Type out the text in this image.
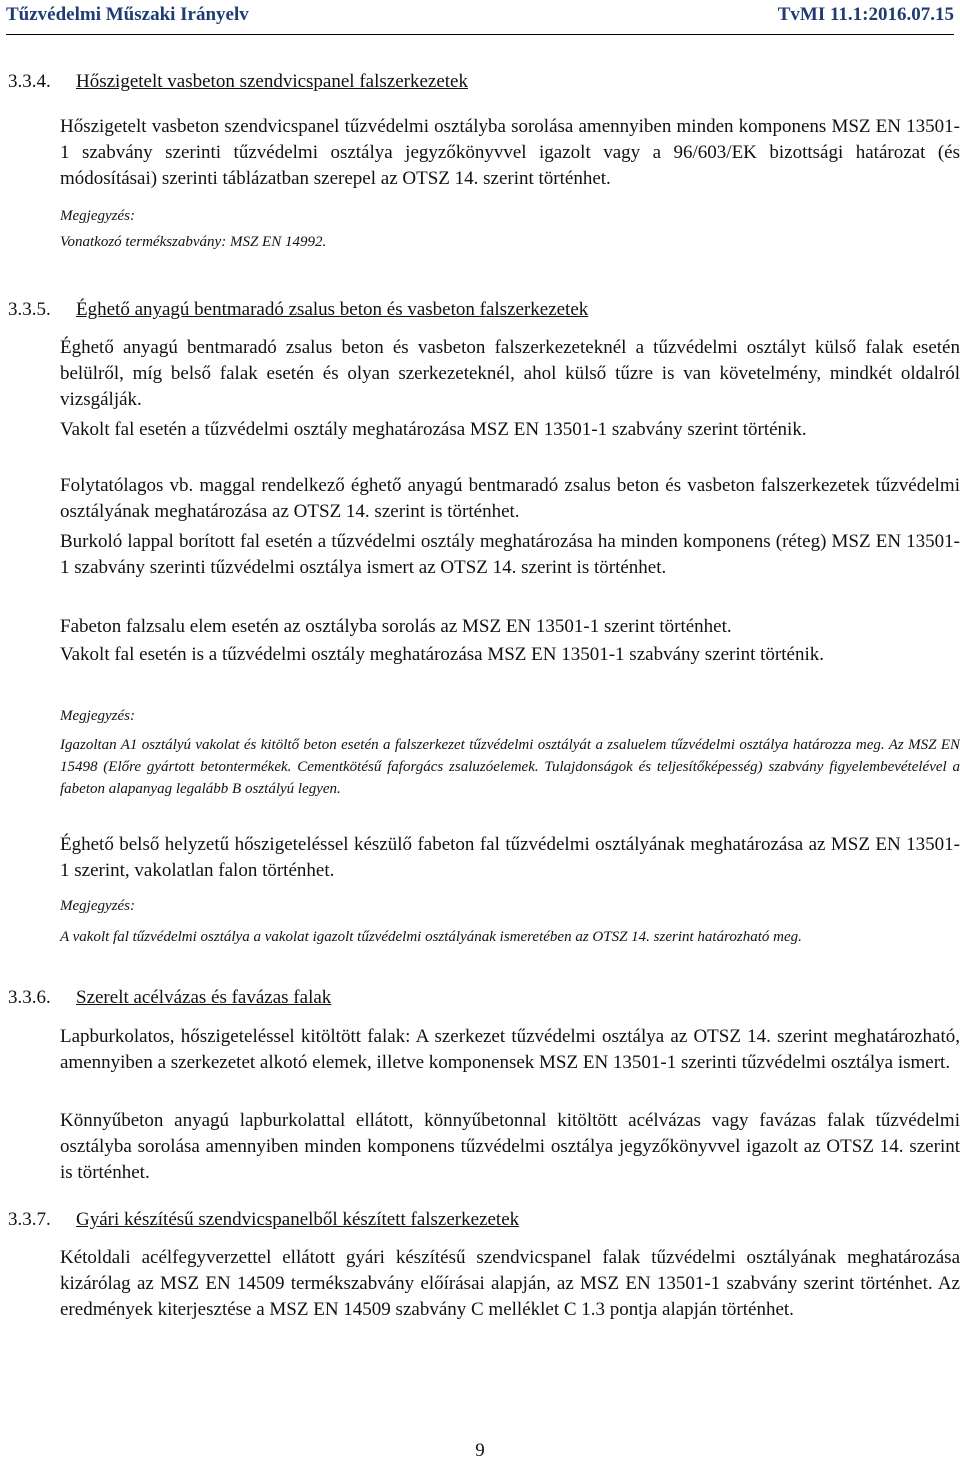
Tűzvédelmi Műszaki Irányelv	TvMI 11.1:2016.07.15
3.3.4. Hőszigetelt vasbeton szendvicspanel falszerkezetek

Hőszigetelt vasbeton szendvicspanel tűzvédelmi osztályba sorolása amennyiben minden komponens MSZ EN 13501-1 szabvány szerinti tűzvédelmi osztálya jegyzőkönyvvel igazolt vagy a 96/603/EK bizottsági határozat (és módosításai) szerinti táblázatban szerepel az OTSZ 14. szerint történhet.

Megjegyzés:
Vonatkozó termékszabvány: MSZ EN 14992.
3.3.5. Éghető anyagú bentmaradó zsalus beton és vasbeton falszerkezetek

Éghető anyagú bentmaradó zsalus beton és vasbeton falszerkezeteknél a tűzvédelmi osztályt külső falak esetén belülről, míg belső falak esetén és olyan szerkezeteknél, ahol külső tűzre is van követelmény, mindkét oldalról vizsgálják.

Vakolt fal esetén a tűzvédelmi osztály meghatározása MSZ EN 13501-1 szabvány szerint történik.

Folytatólagos vb. maggal rendelkező éghető anyagú bentmaradó zsalus beton és vasbeton falszerkezetek tűzvédelmi osztályának meghatározása az OTSZ 14. szerint is történhet.

Burkoló lappal borított fal esetén a tűzvédelmi osztály meghatározása ha minden komponens (réteg) MSZ EN 13501-1 szabvány szerinti tűzvédelmi osztálya ismert az OTSZ 14. szerint is történhet.

Fabeton falzsalu elem esetén az osztályba sorolás az MSZ EN 13501-1 szerint történhet.

Vakolt fal esetén is a tűzvédelmi osztály meghatározása MSZ EN 13501-1 szabvány szerint történik.

Megjegyzés:

Igazoltan A1 osztályú vakolat és kitöltő beton esetén a falszerkezet tűzvédelmi osztályát a zsaluelem tűzvédelmi osztálya határozza meg. Az MSZ EN 15498 (Előre gyártott betontermékek. Cementkötésű faforgács zsaluzóelemek. Tulajdonságok és teljesítőképesség) szabvány figyelembevételével a fabeton alapanyag legalább B osztályú legyen.

Éghető belső helyzetű hőszigeteléssel készülő fabeton fal tűzvédelmi osztályának meghatározása az MSZ EN 13501-1 szerint, vakolatlan falon történhet.

Megjegyzés:

A vakolt fal tűzvédelmi osztálya a vakolat igazolt tűzvédelmi osztályának ismeretében az OTSZ 14. szerint határozható meg.

3.3.6. Szerelt acélvázas és favázas falak

Lapburkolatos, hőszigeteléssel kitöltött falak: A szerkezet tűzvédelmi osztálya az OTSZ 14. szerint meghatározható, amennyiben a szerkezetet alkotó elemek, illetve komponensek MSZ EN 13501-1 szerinti tűzvédelmi osztálya ismert.

Könnyűbeton anyagú lapburkolattal ellátott, könnyűbetonnal kitöltött acélvázas vagy favázas falak tűzvédelmi osztályba sorolása amennyiben minden komponens tűzvédelmi osztálya jegyzőkönyvvel igazolt az OTSZ 14. szerint is történhet.

3.3.7. Gyári készítésű szendvicspanelből készített falszerkezetek

Kétoldali acélfegyverzettel ellátott gyári készítésű szendvicspanel falak tűzvédelmi osztályának meghatározása kizárólag az MSZ EN 14509 termékszabvány előírásai alapján, az MSZ EN 13501-1 szabvány szerint történhet. Az eredmények kiterjesztése a MSZ EN 14509 szabvány C melléklet C 1.3 pontja alapján történhet.

9
